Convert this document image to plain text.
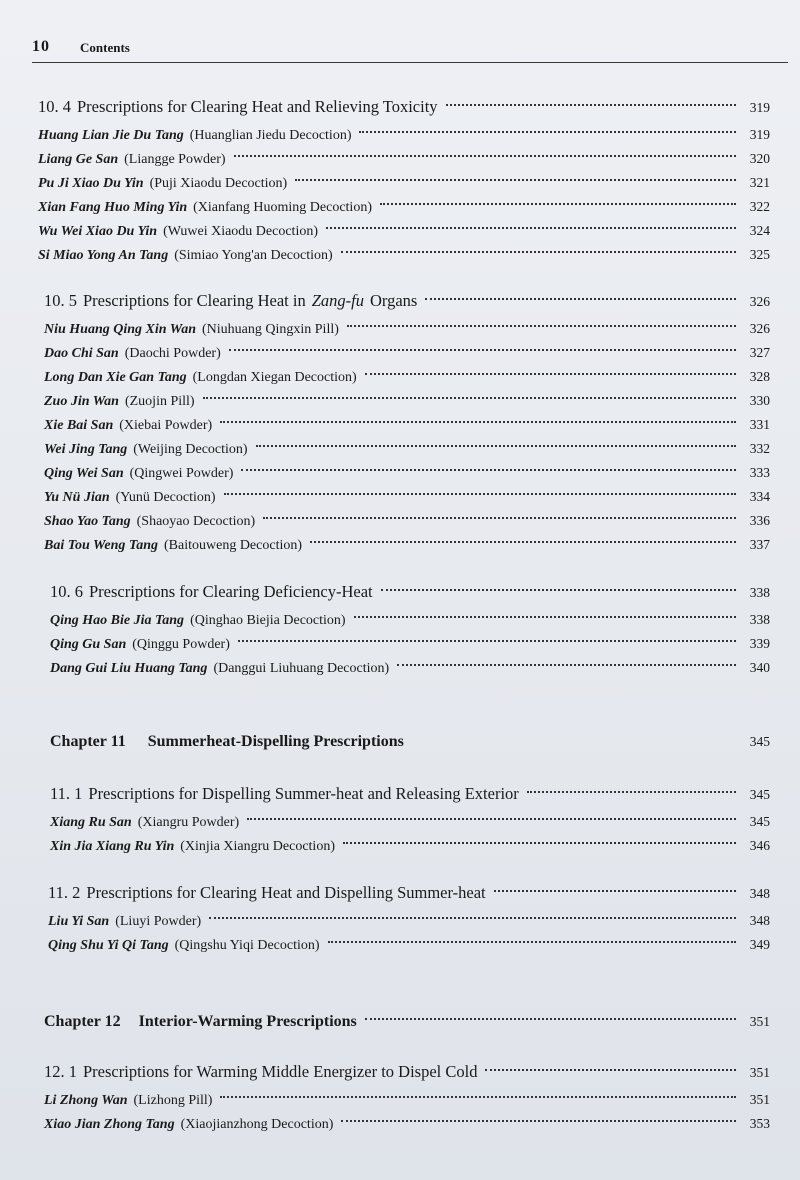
10 Contents
10. 4 Prescriptions for Clearing Heat and Relieving Toxicity	319
Huang Lian Jie Du Tang (Huanglian Jiedu Decoction)	319
Liang Ge San (Liangge Powder)	320
Pu Ji Xiao Du Yin (Puji Xiaodu Decoction)	321
Xian Fang Huo Ming Yin (Xianfang Huoming Decoction)	322
Wu Wei Xiao Du Yin (Wuwei Xiaodu Decoction)	324
Si Miao Yong An Tang (Simiao Yong'an Decoction)	325
10. 5 Prescriptions for Clearing Heat in Zang-fu Organs	326
Niu Huang Qing Xin Wan (Niuhuang Qingxin Pill)	326
Dao Chi San (Daochi Powder)	327
Long Dan Xie Gan Tang (Longdan Xiegan Decoction)	328
Zuo Jin Wan (Zuojin Pill)	330
Xie Bai San (Xiebai Powder)	331
Wei Jing Tang (Weijing Decoction)	332
Qing Wei San (Qingwei Powder)	333
Yu Nü Jian (Yunü Decoction)	334
Shao Yao Tang (Shaoyao Decoction)	336
Bai Tou Weng Tang (Baitouweng Decoction)	337
10. 6 Prescriptions for Clearing Deficiency-Heat	338
Qing Hao Bie Jia Tang (Qinghao Biejia Decoction)	338
Qing Gu San (Qinggu Powder)	339
Dang Gui Liu Huang Tang (Danggui Liuhuang Decoction)	340
Chapter 11 Summerheat-Dispelling Prescriptions	345
11. 1 Prescriptions for Dispelling Summer-heat and Releasing Exterior	345
Xiang Ru San (Xiangru Powder)	345
Xin Jia Xiang Ru Yin (Xinjia Xiangru Decoction)	346
11. 2 Prescriptions for Clearing Heat and Dispelling Summer-heat	348
Liu Yi San (Liuyi Powder)	348
Qing Shu Yi Qi Tang (Qingshu Yiqi Decoction)	349
Chapter 12 Interior-Warming Prescriptions	351
12. 1 Prescriptions for Warming Middle Energizer to Dispel Cold	351
Li Zhong Wan (Lizhong Pill)	351
Xiao Jian Zhong Tang (Xiaojianzhong Decoction)	353
